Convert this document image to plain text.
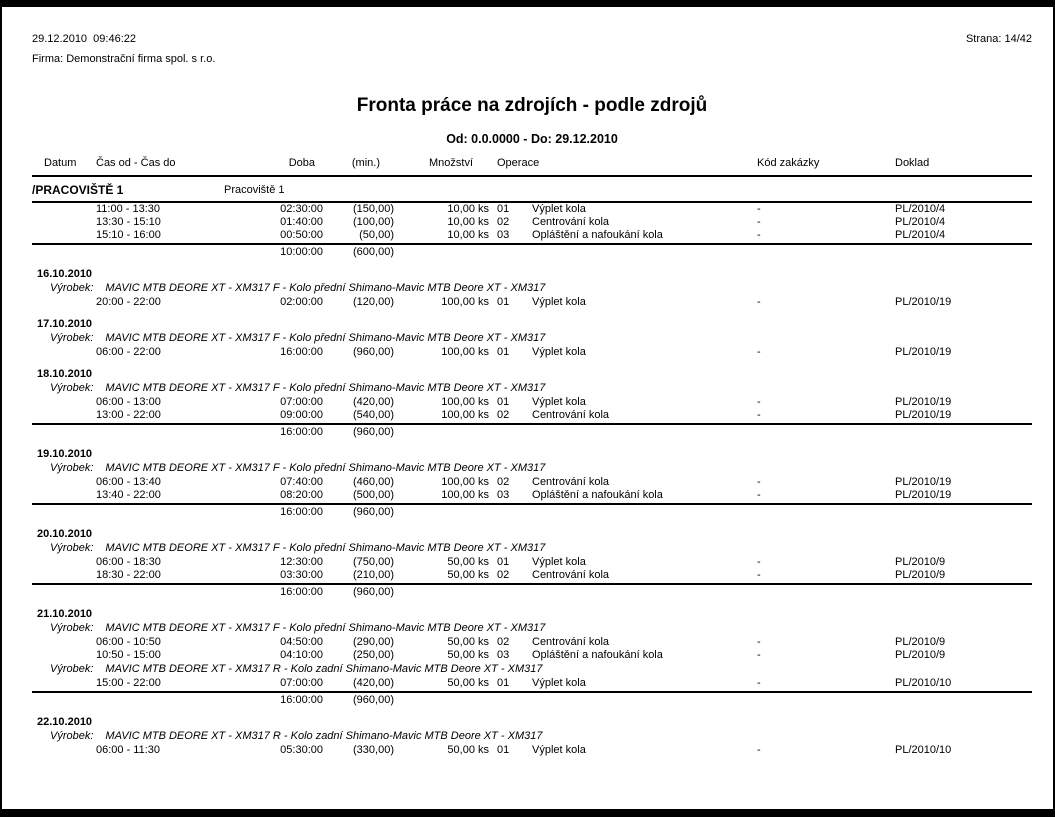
29.12.2010  09:46:22	Strana: 14/42
Firma: Demonstrační firma spol. s r.o.
Fronta práce na zdrojích - podle zdrojů
Od: 0.0.0000 - Do: 29.12.2010
Datum	Čas od - Čas do	Doba	(min.)	Množství	Operace	Kód zakázky	Doklad
/PRACOVIŠTĚ 1	Pracoviště 1
11:00 - 13:30	02:30:00	(150,00)	10,00 ks 01	Výplet kola	-	PL/2010/4
13:30 - 15:10	01:40:00	(100,00)	10,00 ks 02	Centrování kola	-	PL/2010/4
15:10 - 16:00	00:50:00	(50,00)	10,00 ks 03	Opláštění a nafoukání kola	-	PL/2010/4
10:00:00	(600,00)
16.10.2010
Výrobek: MAVIC MTB DEORE XT - XM317 F - Kolo přední Shimano-Mavic MTB Deore XT - XM317
20:00 - 22:00	02:00:00	(120,00)	100,00 ks 01	Výplet kola	-	PL/2010/19
17.10.2010
Výrobek: MAVIC MTB DEORE XT - XM317 F - Kolo přední Shimano-Mavic MTB Deore XT - XM317
06:00 - 22:00	16:00:00	(960,00)	100,00 ks 01	Výplet kola	-	PL/2010/19
18.10.2010
Výrobek: MAVIC MTB DEORE XT - XM317 F - Kolo přední Shimano-Mavic MTB Deore XT - XM317
06:00 - 13:00	07:00:00	(420,00)	100,00 ks 01	Výplet kola	-	PL/2010/19
13:00 - 22:00	09:00:00	(540,00)	100,00 ks 02	Centrování kola	-	PL/2010/19
16:00:00	(960,00)
19.10.2010
Výrobek: MAVIC MTB DEORE XT - XM317 F - Kolo přední Shimano-Mavic MTB Deore XT - XM317
06:00 - 13:40	07:40:00	(460,00)	100,00 ks 02	Centrování kola	-	PL/2010/19
13:40 - 22:00	08:20:00	(500,00)	100,00 ks 03	Opláštění a nafoukání kola	-	PL/2010/19
16:00:00	(960,00)
20.10.2010
Výrobek: MAVIC MTB DEORE XT - XM317 F - Kolo přední Shimano-Mavic MTB Deore XT - XM317
06:00 - 18:30	12:30:00	(750,00)	50,00 ks 01	Výplet kola	-	PL/2010/9
18:30 - 22:00	03:30:00	(210,00)	50,00 ks 02	Centrování kola	-	PL/2010/9
16:00:00	(960,00)
21.10.2010
Výrobek: MAVIC MTB DEORE XT - XM317 F - Kolo přední Shimano-Mavic MTB Deore XT - XM317
06:00 - 10:50	04:50:00	(290,00)	50,00 ks 02	Centrování kola	-	PL/2010/9
10:50 - 15:00	04:10:00	(250,00)	50,00 ks 03	Opláštění a nafoukání kola	-	PL/2010/9
Výrobek: MAVIC MTB DEORE XT - XM317 R - Kolo zadní Shimano-Mavic MTB Deore XT - XM317
15:00 - 22:00	07:00:00	(420,00)	50,00 ks 01	Výplet kola	-	PL/2010/10
16:00:00	(960,00)
22.10.2010
Výrobek: MAVIC MTB DEORE XT - XM317 R - Kolo zadní Shimano-Mavic MTB Deore XT - XM317
06:00 - 11:30	05:30:00	(330,00)	50,00 ks 01	Výplet kola	-	PL/2010/10
